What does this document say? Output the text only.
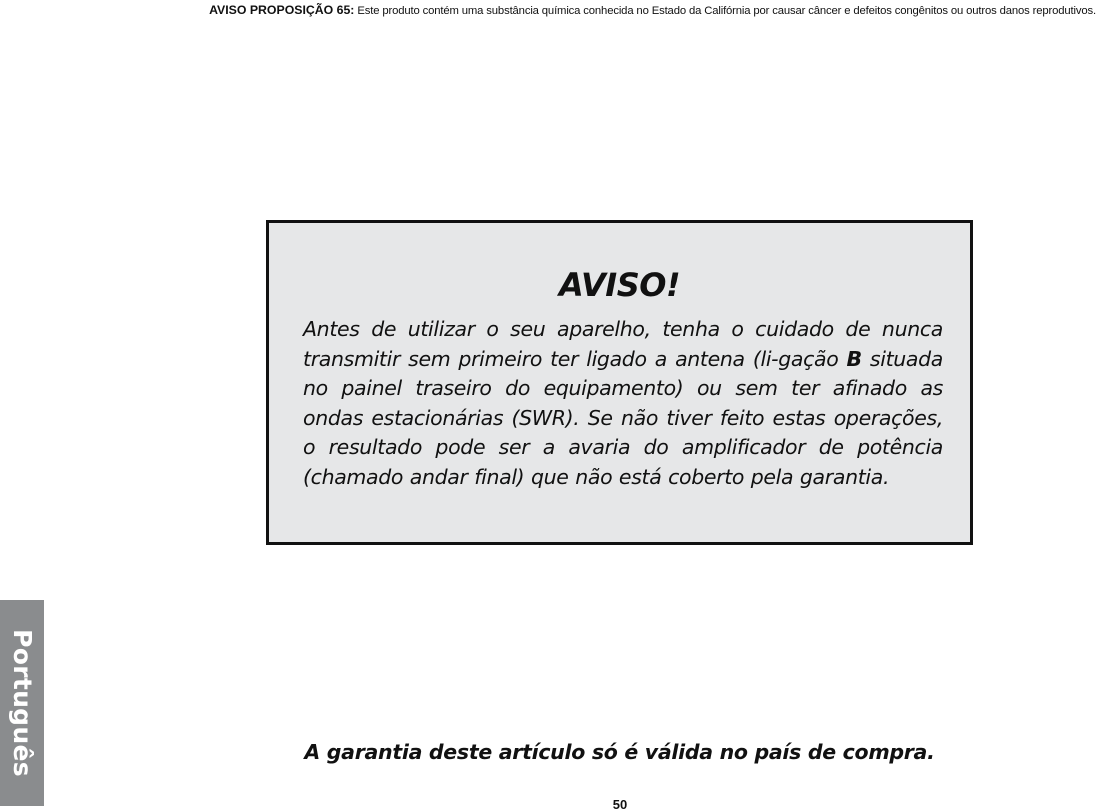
AVISO PROPOSIÇÃO 65: Este produto contém uma substância química conhecida no Estado da Califórnia por causar câncer e defeitos congênitos ou outros danos reprodutivos.
AVISO!
Antes de utilizar o seu aparelho, tenha o cuidado de nunca transmitir sem primeiro ter ligado a antena (li-gação B situada no painel traseiro do equipamento) ou sem ter afinado as ondas estacionárias (SWR). Se não tiver feito estas operações, o resultado pode ser a avaria do amplificador de potência (chamado andar final) que não está coberto pela garantia.
Português	A garantia deste artículo só é válida no país de compra.
50
